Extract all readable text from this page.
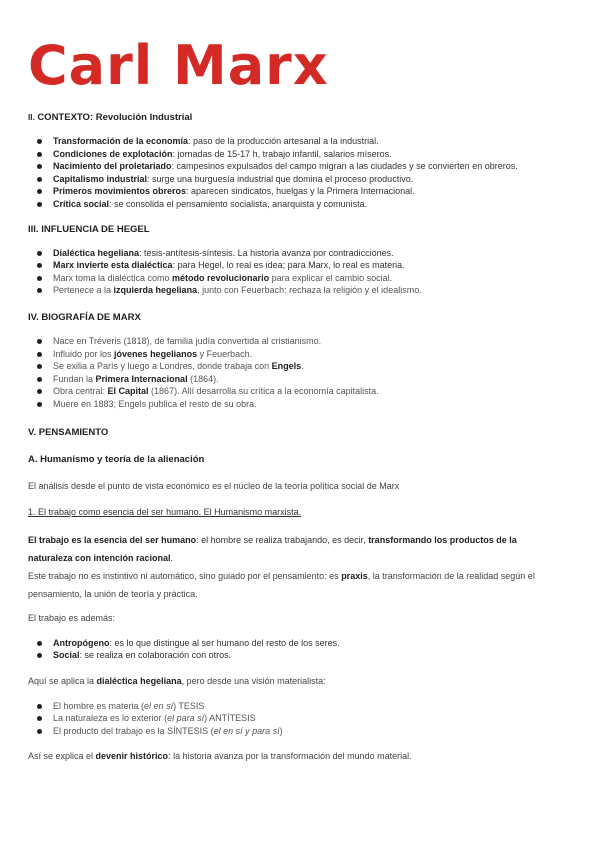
Carl Marx
II. CONTEXTO: Revolución Industrial
Transformación de la economía: paso de la producción artesanal a la industrial.
Condiciones de explotación: jornadas de 15-17 h, trabajo infantil, salarios míseros.
Nacimiento del proletariado: campesinos expulsados del campo migran a las ciudades y se convierten en obreros.
Capitalismo industrial: surge una burguesía industrial que domina el proceso productivo.
Primeros movimientos obreros: aparecen sindicatos, huelgas y la Primera Internacional.
Crítica social: se consolida el pensamiento socialista, anarquista y comunista.
III. INFLUENCIA DE HEGEL
Dialéctica hegeliana: tesis-antítesis-síntesis. La historia avanza por contradicciones.
Marx invierte esta dialéctica: para Hegel, lo real es idea; para Marx, lo real es materia.
Marx toma la dialéctica como método revolucionario para explicar el cambio social.
Pertenece a la izquierda hegeliana, junto con Feuerbach: rechaza la religión y el idealismo.
IV. BIOGRAFÍA DE MARX
Nace en Tréveris (1818), de familia judía convertida al cristianismo.
Influido por los jóvenes hegelianos y Feuerbach.
Se exilia a París y luego a Londres, donde trabaja con Engels.
Fundan la Primera Internacional (1864).
Obra central: El Capital (1867). Allí desarrolla su crítica a la economía capitalista.
Muere en 1883; Engels publica el resto de su obra.
V. PENSAMIENTO
A. Humanismo y teoría de la alienación

El análisis desde el punto de vista económico es el núcleo de la teoría política social de Marx

1. El trabajo como esencia del ser humano. El Humanismo marxista.

El trabajo es la esencia del ser humano: el hombre se realiza trabajando, es decir, transformando los productos de la
naturaleza con intención racional.

Este trabajo no es instintivo ni automático, sino guiado por el pensamiento: es praxis, la transformación de la realidad según el
pensamiento, la unión de teoría y práctica.

El trabajo es además:

Antropógeno: es lo que distingue al ser humano del resto de los seres.
Social: se realiza en colaboración con otros.

Aquí se aplica la dialéctica hegeliana, pero desde una visión materialista:

El hombre es materia (el en sí) TESIS
La naturaleza es lo exterior (el para sí) ANTÍTESIS
El producto del trabajo es la SÍNTESIS (el en sí y para sí)

Así se explica el devenir histórico: la historia avanza por la transformación del mundo material.
